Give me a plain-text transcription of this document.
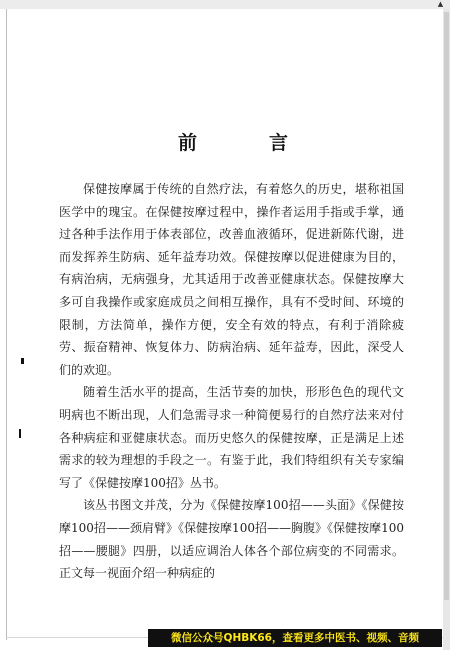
▲
前	言

保健按摩属于传统的自然疗法，有着悠久的历史，堪称祖国医学中的瑰宝。在保健按摩过程中，操作者运用手指或手掌，通过各种手法作用于体表部位，改善血液循环，促进新陈代谢，进而发挥养生防病、延年益寿功效。保健按摩以促进健康为目的，有病治病，无病强身，尤其适用于改善亚健康状态。保健按摩大多可自我操作或家庭成员之间相互操作，具有不受时间、环境的限制，方法简单，操作方便，安全有效的特点，有利于消除疲劳、振奋精神、恢复体力、防病治病、延年益寿，因此，深受人们的欢迎。

随着生活水平的提高，生活节奏的加快，形形色色的现代文明病也不断出现，人们急需寻求一种简便易行的自然疗法来对付各种病症和亚健康状态。而历史悠久的保健按摩，正是满足上述需求的较为理想的手段之一。有鉴于此，我们特组织有关专家编写了《保健按摩100招》丛书。

该丛书图文并茂，分为《保健按摩100招——头面》《保健按摩100招——颈肩臂》《保健按摩100招——胸腹》《保健按摩100招——腰腿》四册，以适应调治人体各个部位病变的不同需求。正文每一视面介绍一种病症的

微信公众号QHBK66，查看更多中医书、视频、音频
